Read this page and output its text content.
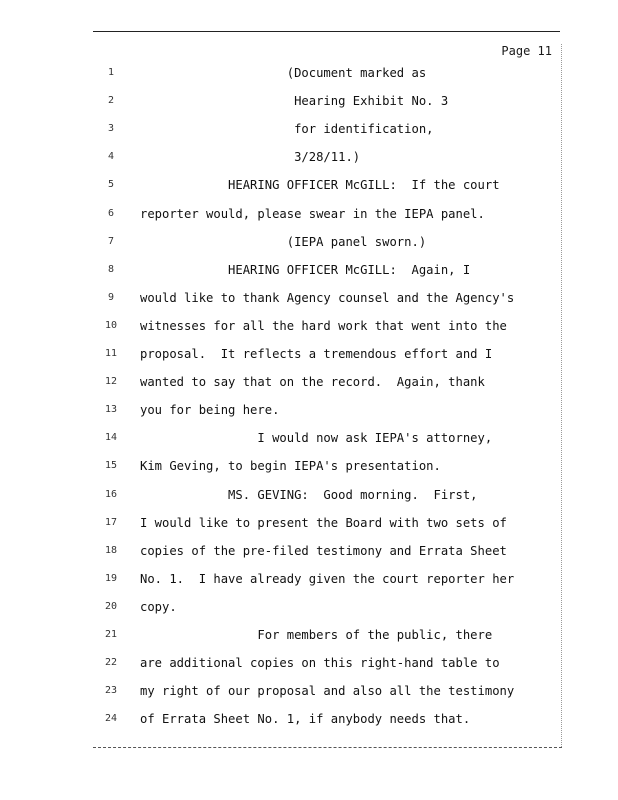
Page 11
1	(Document marked as
2	Hearing Exhibit No. 3
3	for identification,
4	3/28/11.)
5	HEARING OFFICER McGILL:  If the court
6	reporter would, please swear in the IEPA panel.
7	(IEPA panel sworn.)
8	HEARING OFFICER McGILL:  Again, I
9	would like to thank Agency counsel and the Agency's
10	witnesses for all the hard work that went into the
11	proposal.  It reflects a tremendous effort and I
12	wanted to say that on the record.  Again, thank
13	you for being here.
14	I would now ask IEPA's attorney,
15	Kim Geving, to begin IEPA's presentation.
16	MS. GEVING:  Good morning.  First,
17	I would like to present the Board with two sets of
18	copies of the pre-filed testimony and Errata Sheet
19	No. 1.  I have already given the court reporter her
20	copy.
21	For members of the public, there
22	are additional copies on this right-hand table to
23	my right of our proposal and also all the testimony
24	of Errata Sheet No. 1, if anybody needs that.
